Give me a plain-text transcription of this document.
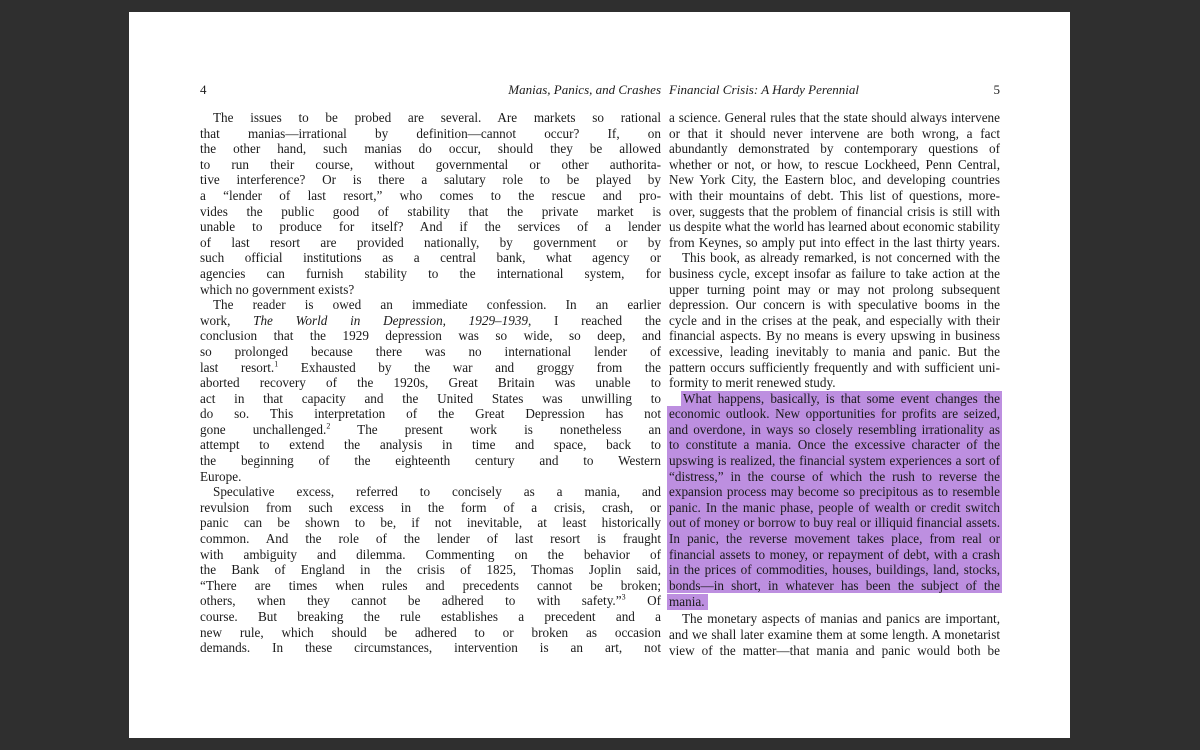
4	Manias, Panics, and Crashes
The issues to be probed are several. Are markets so rational
that manias—irrational by definition—cannot occur? If, on
the other hand, such manias do occur, should they be allowed
to run their course, without governmental or other authorita-
tive interference? Or is there a salutary role to be played by
a “lender of last resort,” who comes to the rescue and pro-
vides the public good of stability that the private market is
unable to produce for itself? And if the services of a lender
of last resort are provided nationally, by government or by
such official institutions as a central bank, what agency or
agencies can furnish stability to the international system, for
which no government exists?
The reader is owed an immediate confession. In an earlier
work, The World in Depression, 1929–1939, I reached the
conclusion that the 1929 depression was so wide, so deep, and
so prolonged because there was no international lender of
last resort.$^1$ Exhausted by the war and groggy from the
aborted recovery of the 1920s, Great Britain was unable to
act in that capacity and the United States was unwilling to
do so. This interpretation of the Great Depression has not
gone unchallenged.$^2$ The present work is nonetheless an
attempt to extend the analysis in time and space, back to
the beginning of the eighteenth century and to Western
Europe.
Speculative excess, referred to concisely as a mania, and
revulsion from such excess in the form of a crisis, crash, or
panic can be shown to be, if not inevitable, at least historically
common. And the role of the lender of last resort is fraught
with ambiguity and dilemma. Commenting on the behavior of
the Bank of England in the crisis of 1825, Thomas Joplin said,
“There are times when rules and precedents cannot be broken;
others, when they cannot be adhered to with safety.”$^3$ Of
course. But breaking the rule establishes a precedent and a
new rule, which should be adhered to or broken as occasion
demands. In these circumstances, intervention is an art, not
Financial Crisis: A Hardy Perennial	5
a science. General rules that the state should always intervene
or that it should never intervene are both wrong, a fact
abundantly demonstrated by contemporary questions of
whether or not, or how, to rescue Lockheed, Penn Central,
New York City, the Eastern bloc, and developing countries
with their mountains of debt. This list of questions, more-
over, suggests that the problem of financial crisis is still with
us despite what the world has learned about economic stability
from Keynes, so amply put into effect in the last thirty years.
This book, as already remarked, is not concerned with the
business cycle, except insofar as failure to take action at the
upper turning point may or may not prolong subsequent
depression. Our concern is with speculative booms in the
cycle and in the crises at the peak, and especially with their
financial aspects. By no means is every upswing in business
excessive, leading inevitably to mania and panic. But the
pattern occurs sufficiently frequently and with sufficient uni-
formity to merit renewed study.
What happens, basically, is that some event changes the
economic outlook. New opportunities for profits are seized,
and overdone, in ways so closely resembling irrationality as
to constitute a mania. Once the excessive character of the
upswing is realized, the financial system experiences a sort of
“distress,” in the course of which the rush to reverse the
expansion process may become so precipitous as to resemble
panic. In the manic phase, people of wealth or credit switch
out of money or borrow to buy real or illiquid financial assets.
In panic, the reverse movement takes place, from real or
financial assets to money, or repayment of debt, with a crash
in the prices of commodities, houses, buildings, land, stocks,
bonds—in short, in whatever has been the subject of the
mania.
The monetary aspects of manias and panics are important,
and we shall later examine them at some length. A monetarist
view of the matter—that mania and panic would both be
